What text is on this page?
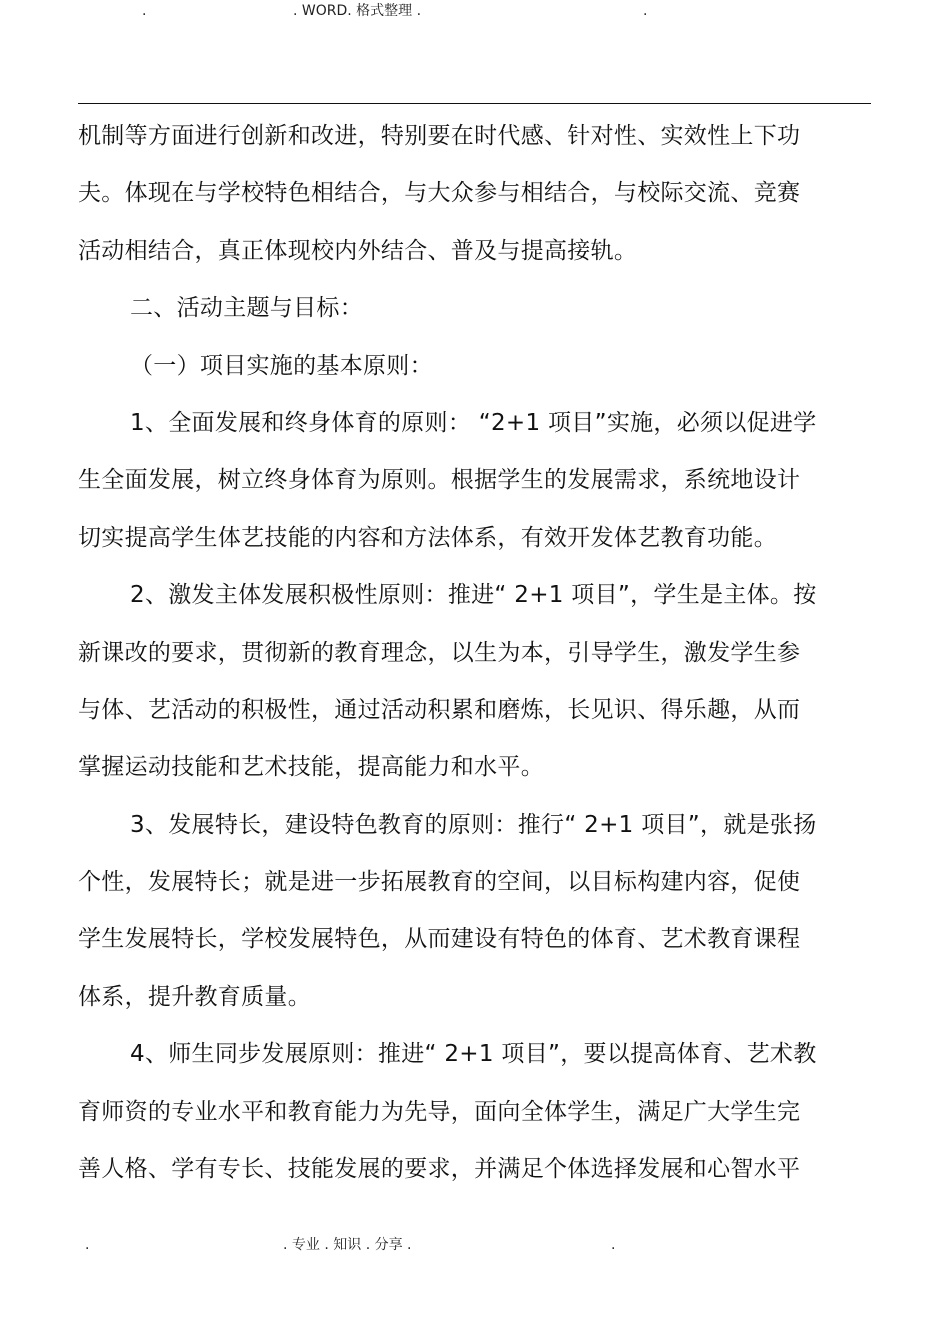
.	. WORD. 格式整理 .	.
机制等方面进行创新和改进，特别要在时代感、针对性、实效性上下功
夫。体现在与学校特色相结合，与大众参与相结合，与校际交流、竞赛
活动相结合，真正体现校内外结合、普及与提高接轨。
二、活动主题与目标：
（一）项目实施的基本原则：
1、全面发展和终身体育的原则： “2+1 项目”实施，必须以促进学
生全面发展，树立终身体育为原则。根据学生的发展需求，系统地设计
切实提高学生体艺技能的内容和方法体系，有效开发体艺教育功能。
2、激发主体发展积极性原则：推进“ 2+1 项目”，学生是主体。按
新课改的要求，贯彻新的教育理念，以生为本，引导学生，激发学生参
与体、艺活动的积极性，通过活动积累和磨炼，长见识、得乐趣，从而
掌握运动技能和艺术技能，提高能力和水平。
3、发展特长，建设特色教育的原则：推行“ 2+1 项目”，就是张扬
个性，发展特长；就是进一步拓展教育的空间，以目标构建内容，促使
学生发展特长，学校发展特色，从而建设有特色的体育、艺术教育课程
体系，提升教育质量。
4、师生同步发展原则：推进“ 2+1 项目”，要以提高体育、艺术教
育师资的专业水平和教育能力为先导，面向全体学生，满足广大学生完
善人格、学有专长、技能发展的要求，并满足个体选择发展和心智水平
.	. 专业 . 知识 . 分享 .	.
